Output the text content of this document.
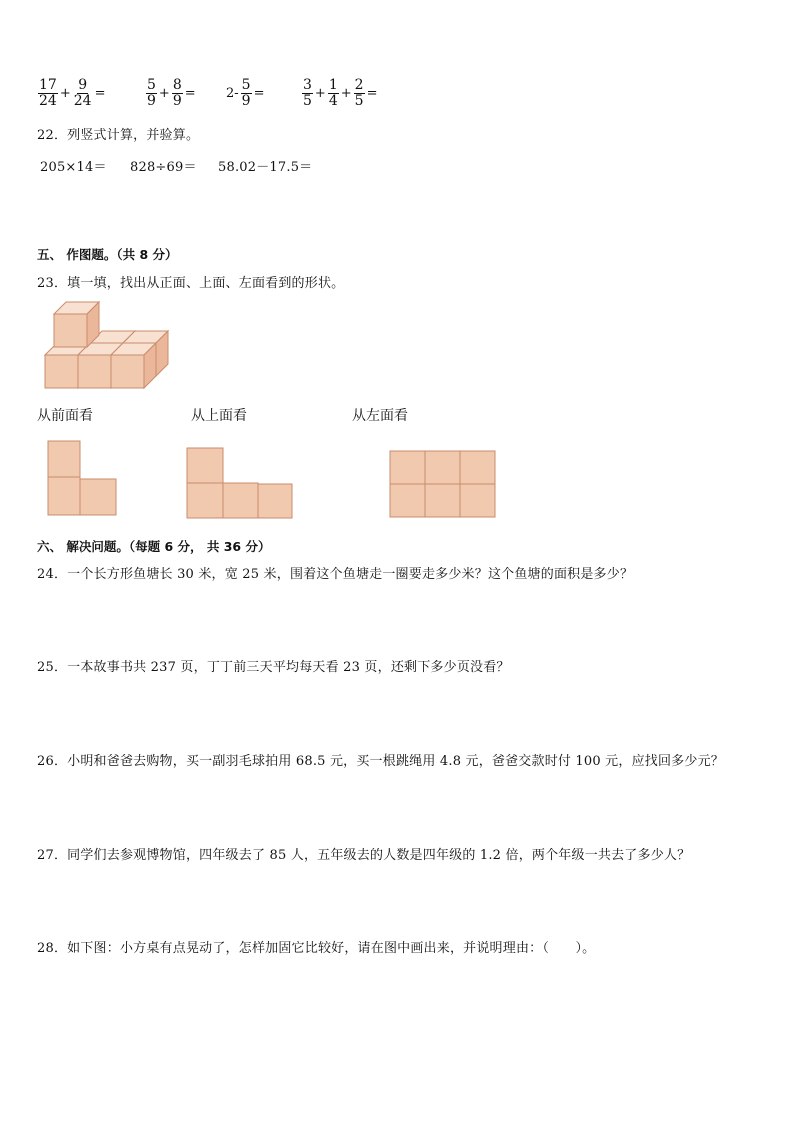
$\frac{17}{24} + \frac{9}{24}$ =	$\frac{5}{9} + \frac{8}{9} = 2- \frac{5}{9}$ =	$\frac{3}{5} + \frac{1}{4} + \frac{2}{5}$ =
22．列竖式计算，并验算。
205×14＝ 828÷69＝ 58.02－17.5＝
五、 作图题。（共 8 分）
23．填一填，找出从正面、上面、左面看到的形状。
从前面看	从上面看	从左面看
六、 解决问题。（每题 6 分， 共 36 分）
24．一个长方形鱼塘长 30 米，宽 25 米，围着这个鱼塘走一圈要走多少米？这个鱼塘的面积是多少？
25．一本故事书共 237 页，丁丁前三天平均每天看 23 页，还剩下多少页没看？
26．小明和爸爸去购物，买一副羽毛球拍用 68.5 元，买一根跳绳用 4.8 元，爸爸交款时付 100 元，应找回多少元？
27．同学们去参观博物馆，四年级去了 85 人，五年级去的人数是四年级的 1.2 倍，两个年级一共去了多少人？
28．如下图：小方桌有点晃动了，怎样加固它比较好，请在图中画出来，并说明理由：（　　）。
